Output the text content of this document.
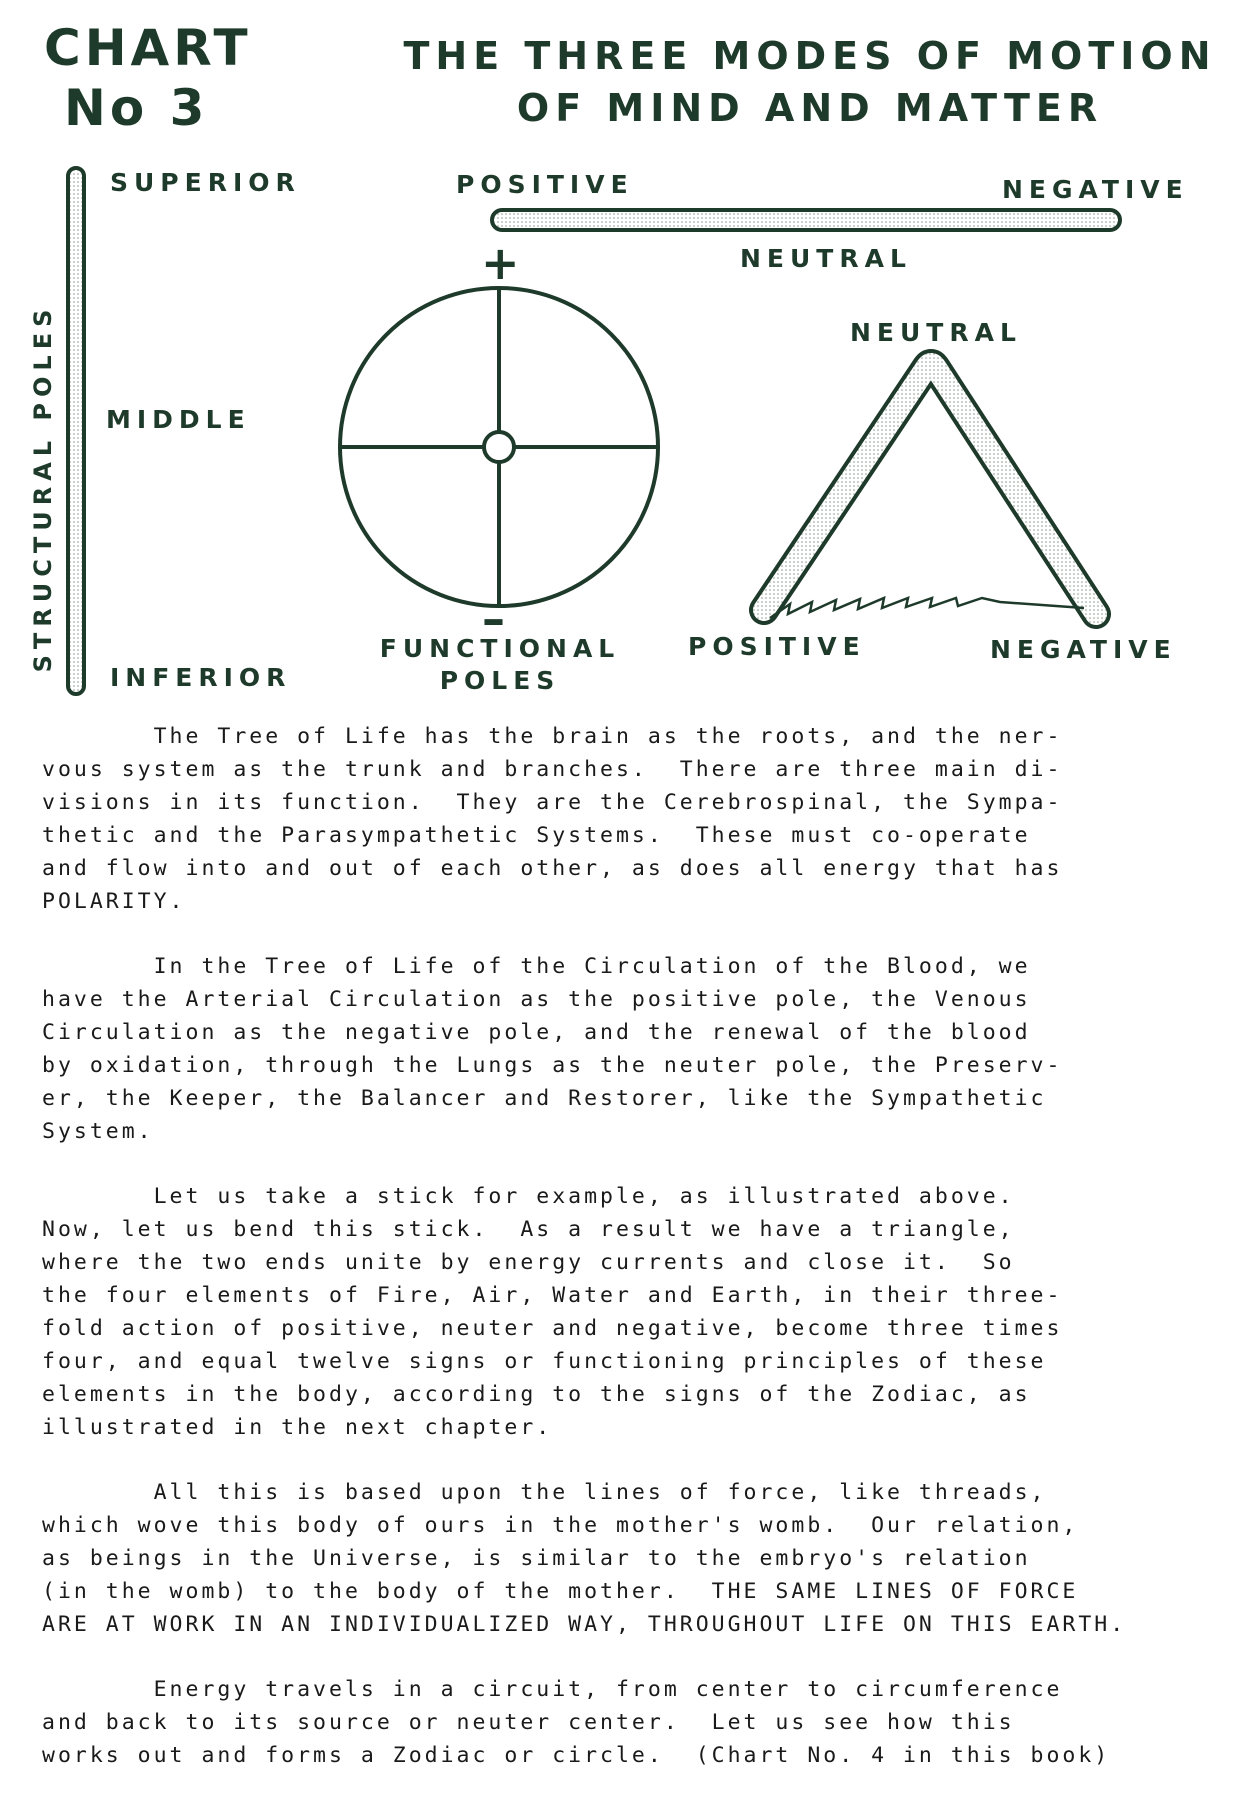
CHART
No 3
THE THREE MODES OF MOTION
OF MIND AND MATTER
STRUCTURAL POLES
SUPERIOR
MIDDLE
INFERIOR
POSITIVE	NEGATIVE
NEUTRAL
+
–
FUNCTIONAL
POLES
NEUTRAL
POSITIVE	NEGATIVE

The Tree of Life has the brain as the roots, and the ner-
vous system as the trunk and branches.  There are three main di-
visions in its function.  They are the Cerebrospinal, the Sympa-
thetic and the Parasympathetic Systems.  These must co-operate
and flow into and out of each other, as does all energy that has
POLARITY.

In the Tree of Life of the Circulation of the Blood, we
have the Arterial Circulation as the positive pole, the Venous
Circulation as the negative pole, and the renewal of the blood
by oxidation, through the Lungs as the neuter pole, the Preserv-
er, the Keeper, the Balancer and Restorer, like the Sympathetic
System.

Let us take a stick for example, as illustrated above.
Now, let us bend this stick.  As a result we have a triangle,
where the two ends unite by energy currents and close it.  So
the four elements of Fire, Air, Water and Earth, in their three-
fold action of positive, neuter and negative, become three times
four, and equal twelve signs or functioning principles of these
elements in the body, according to the signs of the Zodiac, as
illustrated in the next chapter.

All this is based upon the lines of force, like threads,
which wove this body of ours in the mother's womb.  Our relation,
as beings in the Universe, is similar to the embryo's relation
(in the womb) to the body of the mother.  THE SAME LINES OF FORCE
ARE AT WORK IN AN INDIVIDUALIZED WAY, THROUGHOUT LIFE ON THIS EARTH.

Energy travels in a circuit, from center to circumference
and back to its source or neuter center.  Let us see how this
works out and forms a Zodiac or circle.  (Chart No. 4 in this book)
